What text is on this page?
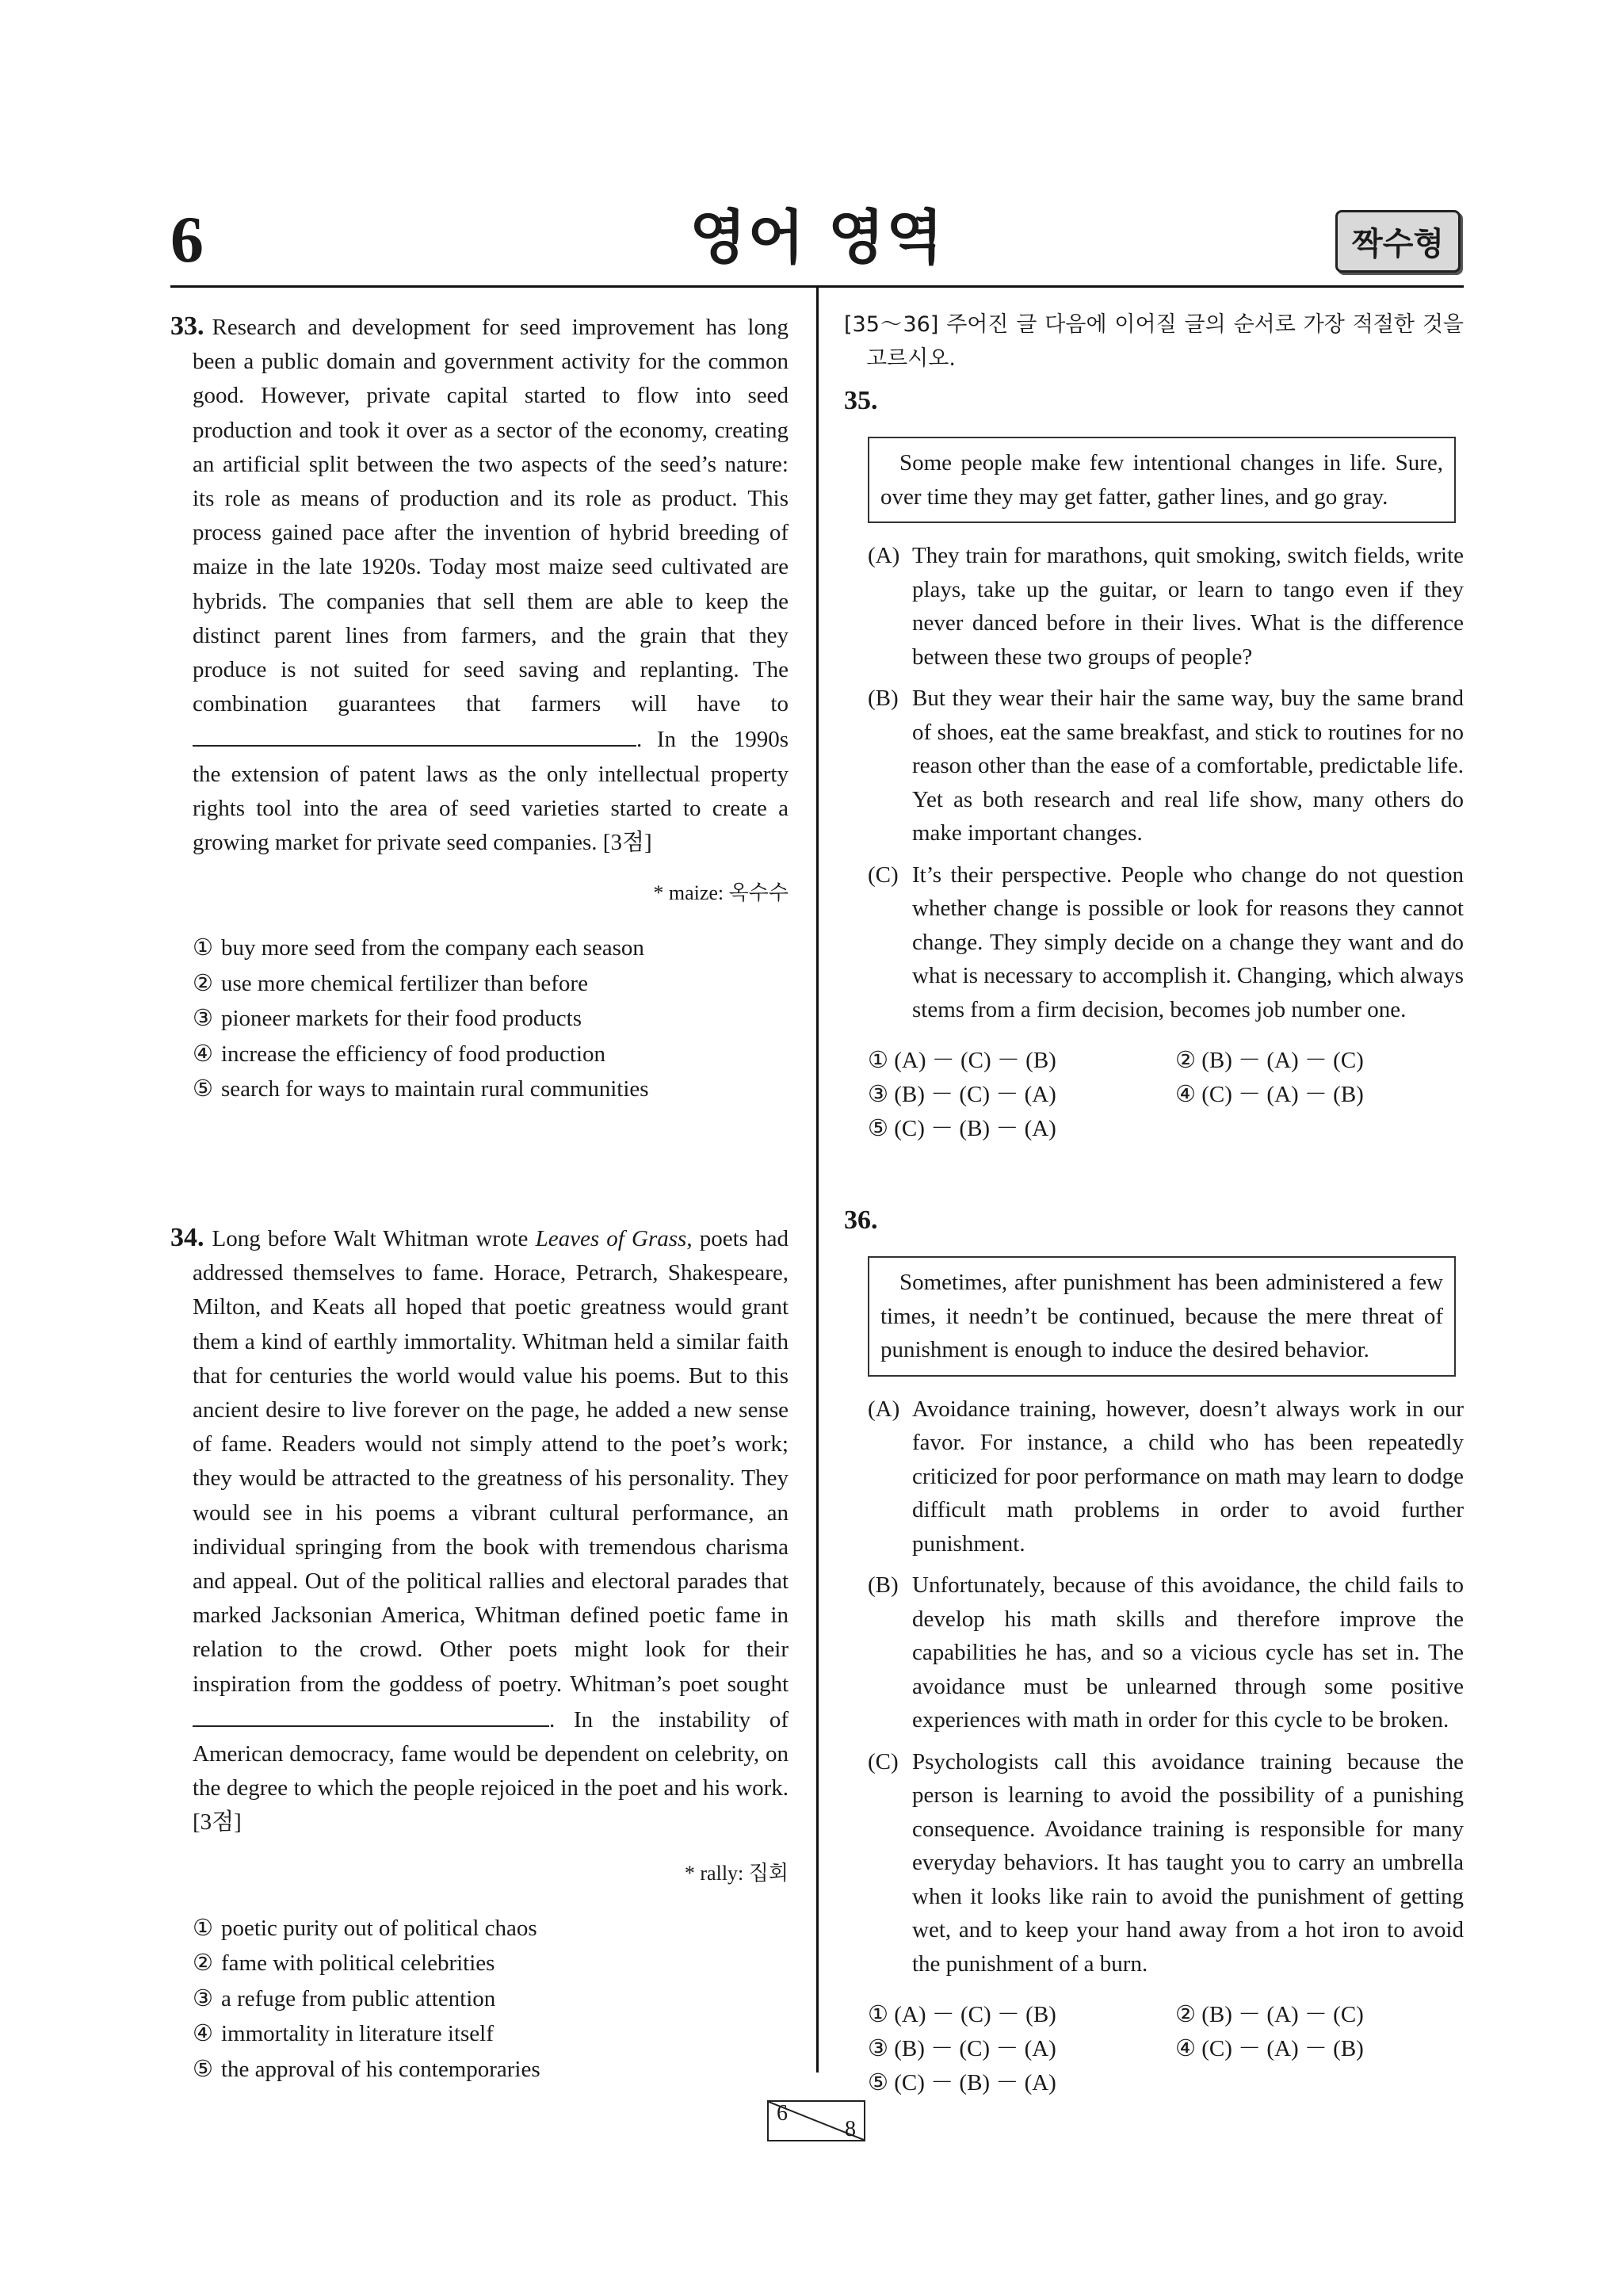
6	영어 영역	짝수형
33. Research and development for seed improvement has long been a public domain and government activity for the common good. However, private capital started to flow into seed production and took it over as a sector of the economy, creating an artificial split between the two aspects of the seed’s nature: its role as means of production and its role as product. This process gained pace after the invention of hybrid breeding of maize in the late 1920s. Today most maize seed cultivated are hybrids. The companies that sell them are able to keep the distinct parent lines from farmers, and the grain that they produce is not suited for seed saving and replanting. The combination guarantees that farmers will have to . In the 1990s the extension of patent laws as the only intellectual property rights tool into the area of seed varieties started to create a growing market for private seed companies. [3점]
* maize: 옥수수
① buy more seed from the company each season
② use more chemical fertilizer than before
③ pioneer markets for their food products
④ increase the efficiency of food production
⑤ search for ways to maintain rural communities
34. Long before Walt Whitman wrote Leaves of Grass, poets had addressed themselves to fame. Horace, Petrarch, Shakespeare, Milton, and Keats all hoped that poetic greatness would grant them a kind of earthly immortality. Whitman held a similar faith that for centuries the world would value his poems. But to this ancient desire to live forever on the page, he added a new sense of fame. Readers would not simply attend to the poet’s work; they would be attracted to the greatness of his personality. They would see in his poems a vibrant cultural performance, an individual springing from the book with tremendous charisma and appeal. Out of the political rallies and electoral parades that marked Jacksonian America, Whitman defined poetic fame in relation to the crowd. Other poets might look for their inspiration from the goddess of poetry. Whitman’s poet sought . In the instability of American democracy, fame would be dependent on celebrity, on the degree to which the people rejoiced in the poet and his work. [3점]
* rally: 집회
① poetic purity out of political chaos
② fame with political celebrities
③ a refuge from public attention
④ immortality in literature itself
⑤ the approval of his contemporaries
[35～36] 주어진 글 다음에 이어질 글의 순서로 가장 적절한 것을 고르시오.
35.
Some people make few intentional changes in life. Sure, over time they may get fatter, gather lines, and go gray.
(A) They train for marathons, quit smoking, switch fields, write plays, take up the guitar, or learn to tango even if they never danced before in their lives. What is the difference between these two groups of people?
(B) But they wear their hair the same way, buy the same brand of shoes, eat the same breakfast, and stick to routines for no reason other than the ease of a comfortable, predictable life. Yet as both research and real life show, many others do make important changes.
(C) It’s their perspective. People who change do not question whether change is possible or look for reasons they cannot change. They simply decide on a change they want and do what is necessary to accomplish it. Changing, which always stems from a firm decision, becomes job number one.
① (A) － (C) － (B)	② (B) － (A) － (C)
③ (B) － (C) － (A)	④ (C) － (A) － (B)
⑤ (C) － (B) － (A)
36.
Sometimes, after punishment has been administered a few times, it needn’t be continued, because the mere threat of punishment is enough to induce the desired behavior.
(A) Avoidance training, however, doesn’t always work in our favor. For instance, a child who has been repeatedly criticized for poor performance on math may learn to dodge difficult math problems in order to avoid further punishment.
(B) Unfortunately, because of this avoidance, the child fails to develop his math skills and therefore improve the capabilities he has, and so a vicious cycle has set in. The avoidance must be unlearned through some positive experiences with math in order for this cycle to be broken.
(C) Psychologists call this avoidance training because the person is learning to avoid the possibility of a punishing consequence. Avoidance training is responsible for many everyday behaviors. It has taught you to carry an umbrella when it looks like rain to avoid the punishment of getting wet, and to keep your hand away from a hot iron to avoid the punishment of a burn.
① (A) － (C) － (B)	② (B) － (A) － (C)
③ (B) － (C) － (A)	④ (C) － (A) － (B)
⑤ (C) － (B) － (A)
6
8
